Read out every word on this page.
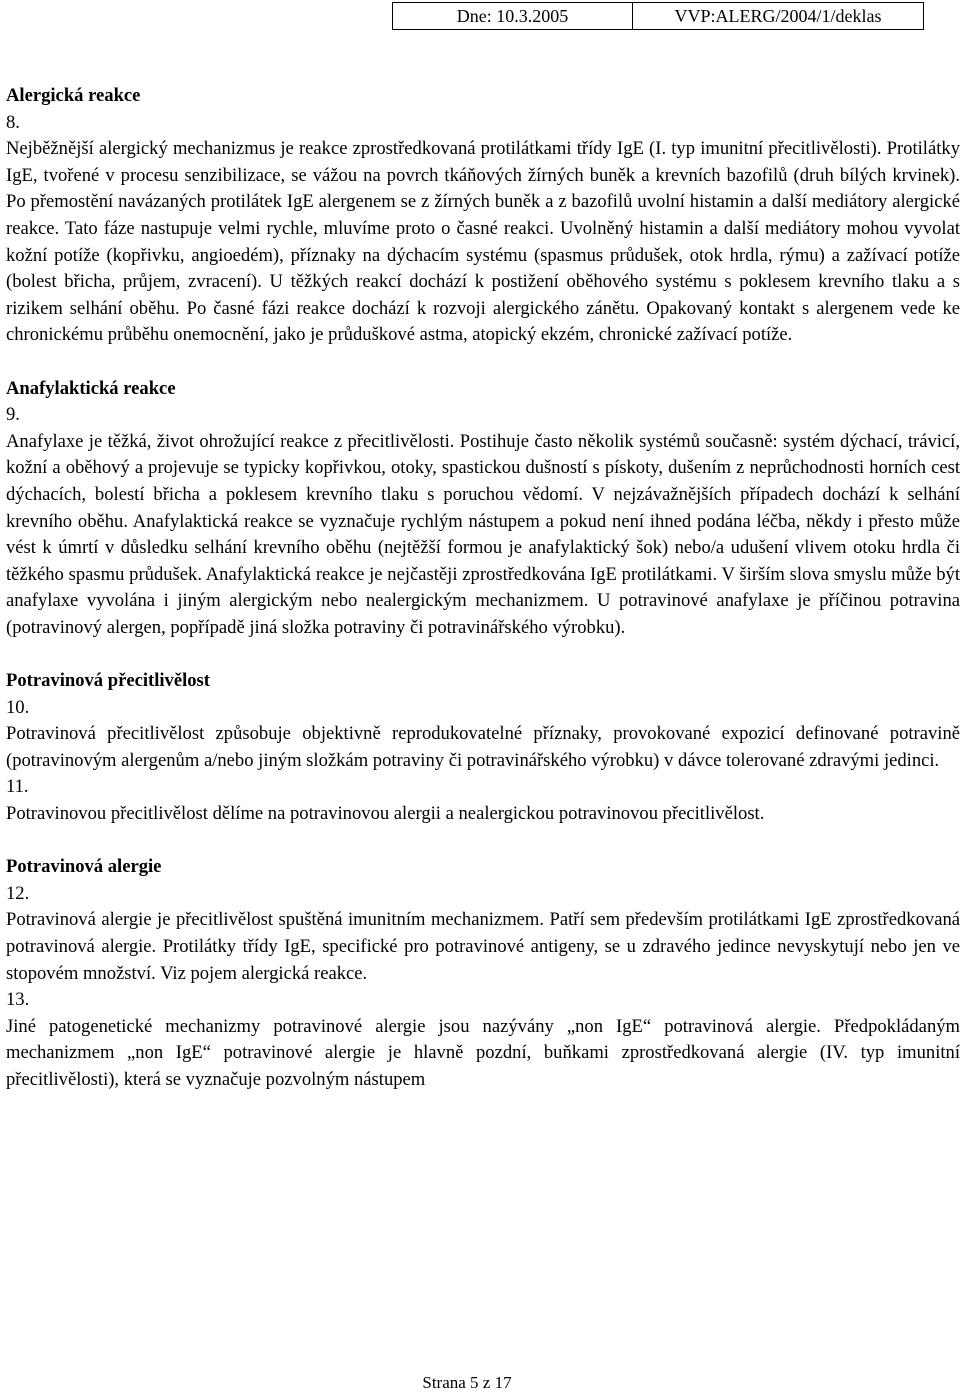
Dne: 10.3.2005	VVP:ALERG/2004/1/deklas
Alergická reakce
8.

Nejběžnější alergický mechanizmus je reakce zprostředkovaná protilátkami třídy IgE (I. typ imunitní přecitlivělosti). Protilátky IgE, tvořené v procesu senzibilizace, se vážou na povrch tkáňových žírných buněk a krevních bazofilů (druh bílých krvinek). Po přemostění navázaných protilátek IgE alergenem se z žírných buněk a z bazofilů uvolní histamin a další mediátory alergické reakce. Tato fáze nastupuje velmi rychle, mluvíme proto o časné reakci. Uvolněný histamin a další mediátory mohou vyvolat kožní potíže (kopřivku, angioedém), příznaky na dýchacím systému (spasmus průdušek, otok hrdla, rýmu) a zažívací potíže (bolest břicha, průjem, zvracení). U těžkých reakcí dochází k postižení oběhového systému s poklesem krevního tlaku a s rizikem selhání oběhu. Po časné fázi reakce dochází k rozvoji alergického zánětu. Opakovaný kontakt s alergenem vede ke chronickému průběhu onemocnění, jako je průduškové astma, atopický ekzém, chronické zažívací potíže.

Anafylaktická reakce
9.

Anafylaxe je těžká, život ohrožující reakce z přecitlivělosti. Postihuje často několik systémů současně: systém dýchací, trávicí, kožní a oběhový a projevuje se typicky kopřivkou, otoky, spastickou dušností s pískoty, dušením z neprůchodnosti horních cest dýchacích, bolestí břicha a poklesem krevního tlaku s poruchou vědomí. V nejzávažnějších případech dochází k selhání krevního oběhu. Anafylaktická reakce se vyznačuje rychlým nástupem a pokud není ihned podána léčba, někdy i přesto může vést k úmrtí v důsledku selhání krevního oběhu (nejtěžší formou je anafylaktický šok) nebo/a udušení vlivem otoku hrdla či těžkého spasmu průdušek. Anafylaktická reakce je nejčastěji zprostředkována IgE protilátkami. V širším slova smyslu může být anafylaxe vyvolána i jiným alergickým nebo nealergickým mechanizmem. U potravinové anafylaxe je příčinou potravina (potravinový alergen, popřípadě jiná složka potraviny či potravinářského výrobku).

Potravinová přecitlivělost
10.

Potravinová přecitlivělost způsobuje objektivně reprodukovatelné příznaky, provokované expozicí definované potravině (potravinovým alergenům a/nebo jiným složkám potraviny či potravinářského výrobku) v dávce tolerované zdravými jedinci.

11.

Potravinovou přecitlivělost dělíme na potravinovou alergii a nealergickou potravinovou přecitlivělost.

Potravinová alergie
12.

Potravinová alergie je přecitlivělost spuštěná imunitním mechanizmem. Patří sem především protilátkami IgE zprostředkovaná potravinová alergie. Protilátky třídy IgE, specifické pro potravinové antigeny, se u zdravého jedince nevyskytují nebo jen ve stopovém množství. Viz pojem alergická reakce.

13.

Jiné patogenetické mechanizmy potravinové alergie jsou nazývány „non IgE“ potravinová alergie. Předpokládaným mechanizmem „non IgE“ potravinové alergie je hlavně pozdní, buňkami zprostředkovaná alergie (IV. typ imunitní přecitlivělosti), která se vyznačuje pozvolným nástupem

Strana 5 z 17
